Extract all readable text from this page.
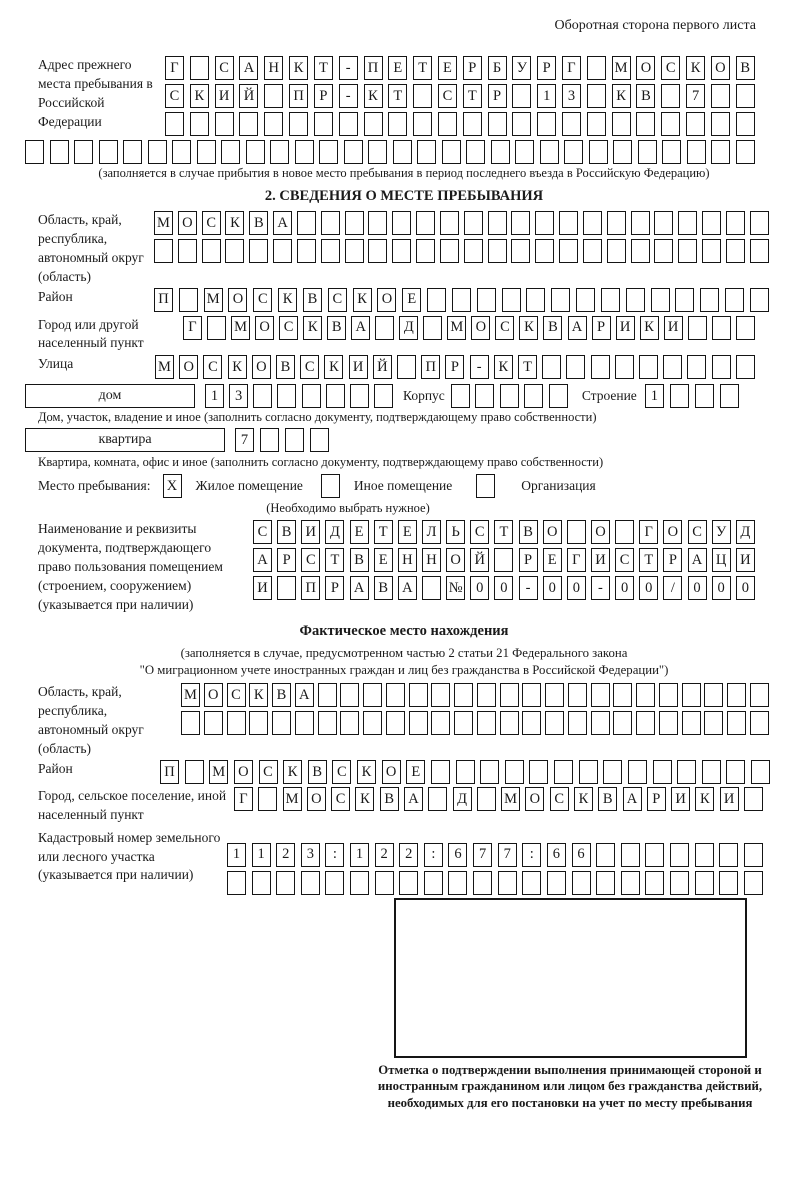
Оборотная сторона первого листа
Адрес прежнего места пребывания в Российской Федерации
Г	С	А Н	К	Т	-	П	Е	Т	Е	Р	Б	У	Р	Г	М О	С	К	О	В
С	К	И Й	П	Р	-	К	Т	С	Т	Р	1	3	К	В	7
(заполняется в случае прибытия в новое место пребывания в период последнего въезда в Российскую Федерацию)
2. СВЕДЕНИЯ О МЕСТЕ ПРЕБЫВАНИЯ
Область, край, республика, автономный округ (область)
М О С К В А
Район	П	М О	С	К	В	С	К	О	Е
Город или другой населенный пункт
Г	М О С К В А	Д	М О С К В А	Р	И К И
Улица	М О С	К О В	С	К И Й	П	Р	-	К	Т
дом	1	3	Корпус	Строение 1
Дом, участок, владение и иное (заполнить согласно документу, подтверждающему право собственности)
квартира	7
Квартира, комната, офис и иное (заполнить согласно документу, подтверждающему право собственности)
Место пребывания: X	Жилое помещение	Иное помещение	Организация
(Необходимо выбрать нужное)
Наименование и реквизиты документа, подтверждающего право пользования помещением (строением, сооружением) (указывается при наличии)
С В И Д	Е	Т	Е	Л	Ь	С	Т	В О	О	Г	О С У Д
А	Р	С	Т	В	Е Н Н О Й	Р	Е	Г	И С	Т	Р	А Ц И
И	П	Р	А В А № 0	0	-	0	0	-	0	0	/	0	0	0
Фактическое место нахождения
(заполняется в случае, предусмотренном частью 2 статьи 21 Федерального закона
"О миграционном учете иностранных граждан и лиц без гражданства в Российской Федерации")
Область, край, республика, автономный округ (область)
М О С К В А
Район	П	М О	С	К	В	С	К	О	Е
Город, сельское поселение, иной населенный пункт
Г	М О С	К	В А	Д	М О С	К	В А	Р	И К И
Кадастровый номер земельного или лесного участка (указывается при наличии)
1	1	2	3	:	1	2	2	:	6	7	7	:	6	6
Отметка о подтверждении выполнения принимающей стороной и иностранным гражданином или лицом без гражданства действий, необходимых для его постановки на учет по месту пребывания
